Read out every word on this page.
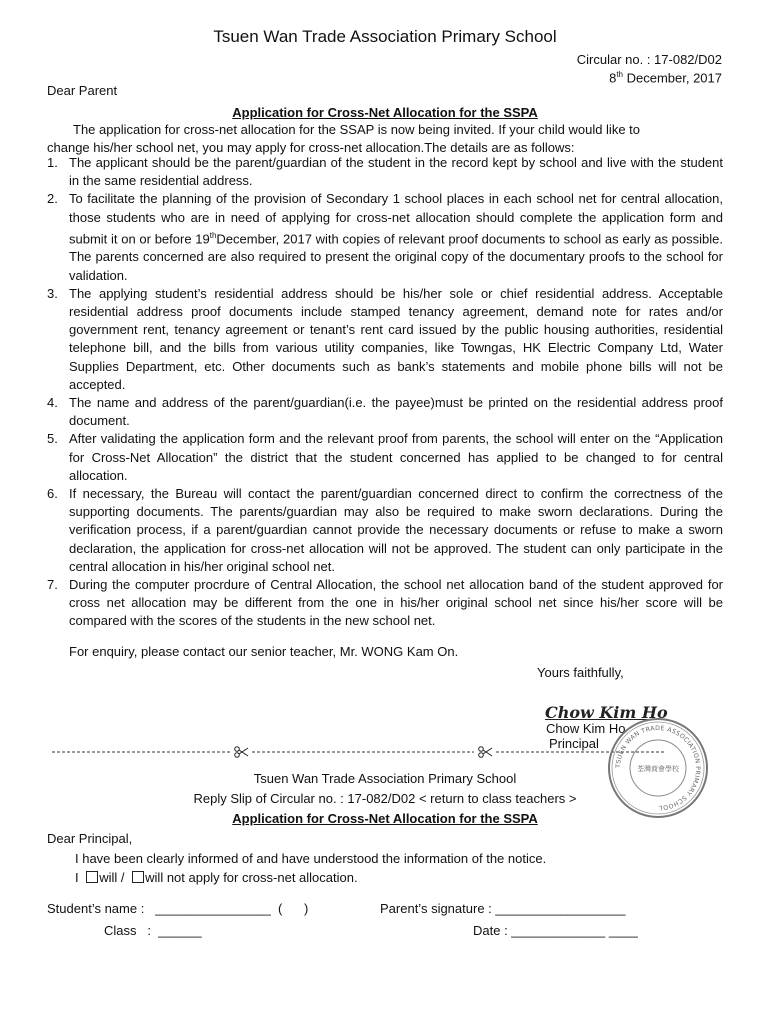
Tsuen Wan Trade Association Primary School
Circular no. : 17-082/D02
8th December, 2017
Dear Parent
Application for Cross-Net Allocation for the SSPA
The application for cross-net allocation for the SSAP is now being invited. If your child would like to
change his/her school net, you may apply for cross-net allocation.The details are as follows:
1. The applicant should be the parent/guardian of the student in the record kept by school and live with the student in the same residential address.
2. To facilitate the planning of the provision of Secondary 1 school places in each school net for central allocation, those students who are in need of applying for cross-net allocation should complete the application form and submit it on or before 19thDecember, 2017 with copies of relevant proof documents to school as early as possible. The parents concerned are also required to present the original copy of the documentary proofs to the school for validation.
3. The applying student’s residential address should be his/her sole or chief residential address. Acceptable residential address proof documents include stamped tenancy agreement, demand note for rates and/or government rent, tenancy agreement or tenant’s rent card issued by the public housing authorities, residential telephone bill, and the bills from various utility companies, like Towngas, HK Electric Company Ltd, Water Supplies Department, etc. Other documents such as bank’s statements and mobile phone bills will not be accepted.
4. The name and address of the parent/guardian(i.e. the payee)must be printed on the residential address proof document.
5. After validating the application form and the relevant proof from parents, the school will enter on the “Application for Cross-Net Allocation” the district that the student concerned has applied to be changed to for central allocation.
6. If necessary, the Bureau will contact the parent/guardian concerned direct to confirm the correctness of the supporting documents. The parents/guardian may also be required to make sworn declarations. During the verification process, if a parent/guardian cannot provide the necessary documents or refuse to make a sworn declaration, the application for cross-net allocation will not be approved. The student can only participate in the central allocation in his/her original school net.
7. During the computer procrdure of Central Allocation, the school net allocation band of the student approved for cross net allocation may be different from the one in his/her original school net since his/her score will be compared with the scores of the students in the new school net.
For enquiry, please contact our senior teacher, Mr. WONG Kam On.
Yours faithfully,
Chow Kim Ho
Chow Kim Ho
Principal
TSUEN WAN TRADE ASSOCIATION PRIMARY SCHOOL
荃灣商會學校
Tsuen Wan Trade Association Primary School
Reply Slip of Circular no. : 17-082/D02 < return to class teachers >
Application for Cross-Net Allocation for the SSPA
Dear Principal,
I have been clearly informed of and have understood the information of the notice.
I will / will not apply for cross-net allocation.
Student’s name :   ________________  (      )	Parent’s signature : __________________
Class   :  ______	Date : _____________ ____
